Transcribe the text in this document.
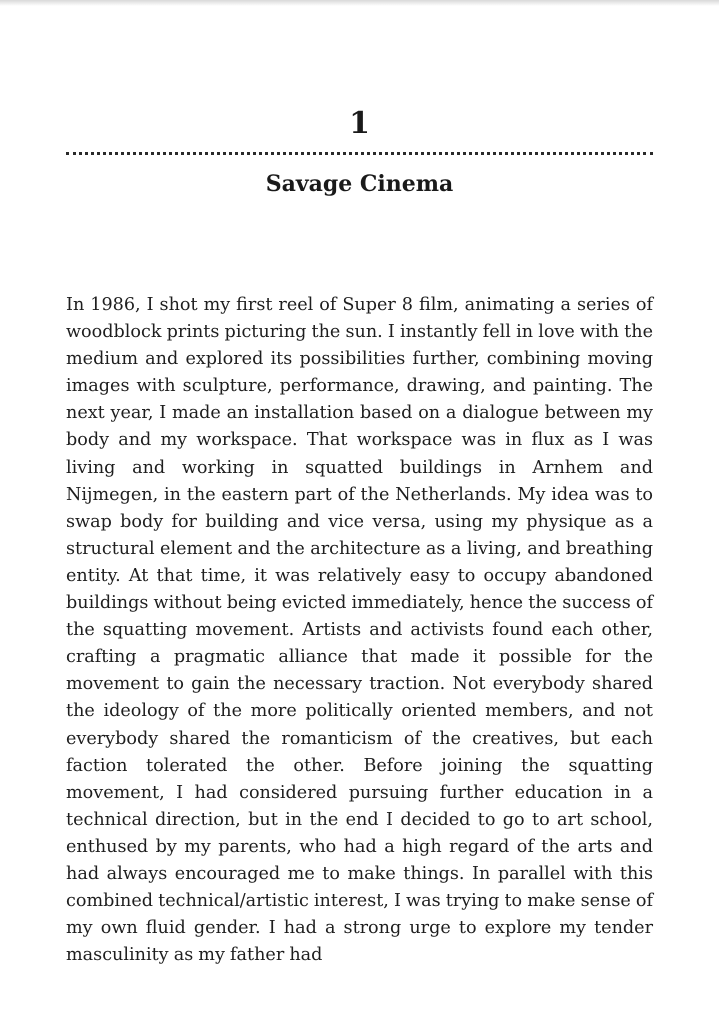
1
Savage Cinema

In 1986, I shot my first reel of Super 8 film, animating a series of woodblock prints picturing the sun. I instantly fell in love with the medium and explored its possibilities further, combining moving images with sculpture, performance, drawing, and painting. The next year, I made an installation based on a dialogue between my body and my workspace. That workspace was in flux as I was living and working in squatted buildings in Arnhem and Nijmegen, in the eastern part of the Netherlands. My idea was to swap body for building and vice versa, using my physique as a structural element and the architecture as a living, and breathing entity. At that time, it was relatively easy to occupy abandoned buildings without being evicted immediately, hence the success of the squatting movement. Artists and activists found each other, crafting a pragmatic alliance that made it possible for the movement to gain the necessary traction. Not everybody shared the ideology of the more politically oriented members, and not everybody shared the romanticism of the creatives, but each faction tolerated the other. Before joining the squatting movement, I had considered pursuing further education in a technical direction, but in the end I decided to go to art school, enthused by my parents, who had a high regard of the arts and had always encouraged me to make things. In parallel with this combined technical/artistic interest, I was trying to make sense of my own fluid gender. I had a strong urge to explore my tender masculinity as my father had
